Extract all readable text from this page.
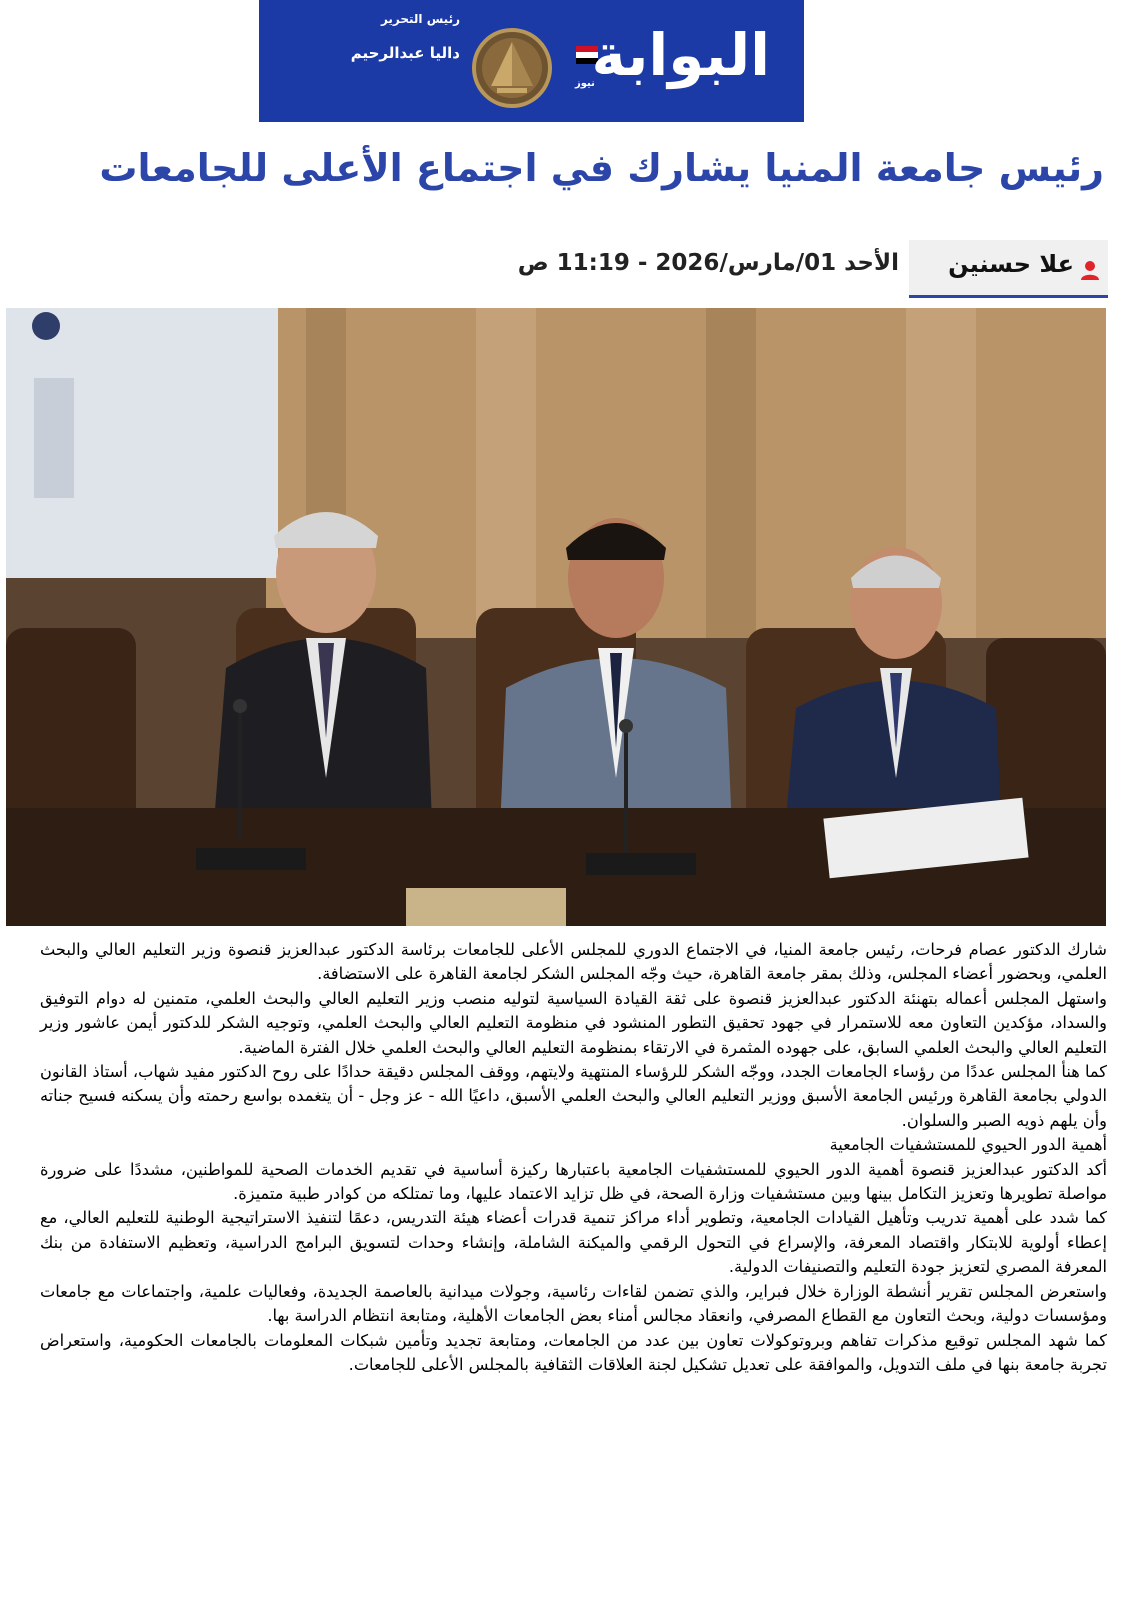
رئيس التحرير
داليا عبدالرحيم البوابة
نيوز
رئيس جامعة المنيا يشارك في اجتماع الأعلى للجامعات
علا حسنين
الأحد 01/مارس/2026 - 11:19 ص

شارك الدكتور عصام فرحات، رئيس جامعة المنيا، في الاجتماع الدوري للمجلس الأعلى للجامعات برئاسة الدكتور عبدالعزيز قنصوة وزير التعليم العالي والبحث العلمي، وبحضور أعضاء المجلس، وذلك بمقر جامعة القاهرة، حيث وجّه المجلس الشكر لجامعة القاهرة على الاستضافة.

واستهل المجلس أعماله بتهنئة الدكتور عبدالعزيز قنصوة على ثقة القيادة السياسية لتوليه منصب وزير التعليم العالي والبحث العلمي، متمنين له دوام التوفيق والسداد، مؤكدين التعاون معه للاستمرار في جهود تحقيق التطور المنشود في منظومة التعليم العالي والبحث العلمي، وتوجيه الشكر للدكتور أيمن عاشور وزير التعليم العالي والبحث العلمي السابق، على جهوده المثمرة في الارتقاء بمنظومة التعليم العالي والبحث العلمي خلال الفترة الماضية.

كما هنأ المجلس عددًا من رؤساء الجامعات الجدد، ووجّه الشكر للرؤساء المنتهية ولايتهم، ووقف المجلس دقيقة حدادًا على روح الدكتور مفيد شهاب، أستاذ القانون الدولي بجامعة القاهرة ورئيس الجامعة الأسبق ووزير التعليم العالي والبحث العلمي الأسبق، داعيًا الله - عز وجل - أن يتغمده بواسع رحمته وأن يسكنه فسيح جناته وأن يلهم ذويه الصبر والسلوان.

أهمية الدور الحيوي للمستشفيات الجامعية

أكد الدكتور عبدالعزيز قنصوة أهمية الدور الحيوي للمستشفيات الجامعية باعتبارها ركيزة أساسية في تقديم الخدمات الصحية للمواطنين، مشددًا على ضرورة مواصلة تطويرها وتعزيز التكامل بينها وبين مستشفيات وزارة الصحة، في ظل تزايد الاعتماد عليها، وما تمتلكه من كوادر طبية متميزة.

كما شدد على أهمية تدريب وتأهيل القيادات الجامعية، وتطوير أداء مراكز تنمية قدرات أعضاء هيئة التدريس، دعمًا لتنفيذ الاستراتيجية الوطنية للتعليم العالي، مع إعطاء أولوية للابتكار واقتصاد المعرفة، والإسراع في التحول الرقمي والميكنة الشاملة، وإنشاء وحدات لتسويق البرامج الدراسية، وتعظيم الاستفادة من بنك المعرفة المصري لتعزيز جودة التعليم والتصنيفات الدولية.

واستعرض المجلس تقرير أنشطة الوزارة خلال فبراير، والذي تضمن لقاءات رئاسية، وجولات ميدانية بالعاصمة الجديدة، وفعاليات علمية، واجتماعات مع جامعات ومؤسسات دولية، وبحث التعاون مع القطاع المصرفي، وانعقاد مجالس أمناء بعض الجامعات الأهلية، ومتابعة انتظام الدراسة بها.

كما شهد المجلس توقيع مذكرات تفاهم وبروتوكولات تعاون بين عدد من الجامعات، ومتابعة تجديد وتأمين شبكات المعلومات بالجامعات الحكومية، واستعراض تجربة جامعة بنها في ملف التدويل، والموافقة على تعديل تشكيل لجنة العلاقات الثقافية بالمجلس الأعلى للجامعات.
